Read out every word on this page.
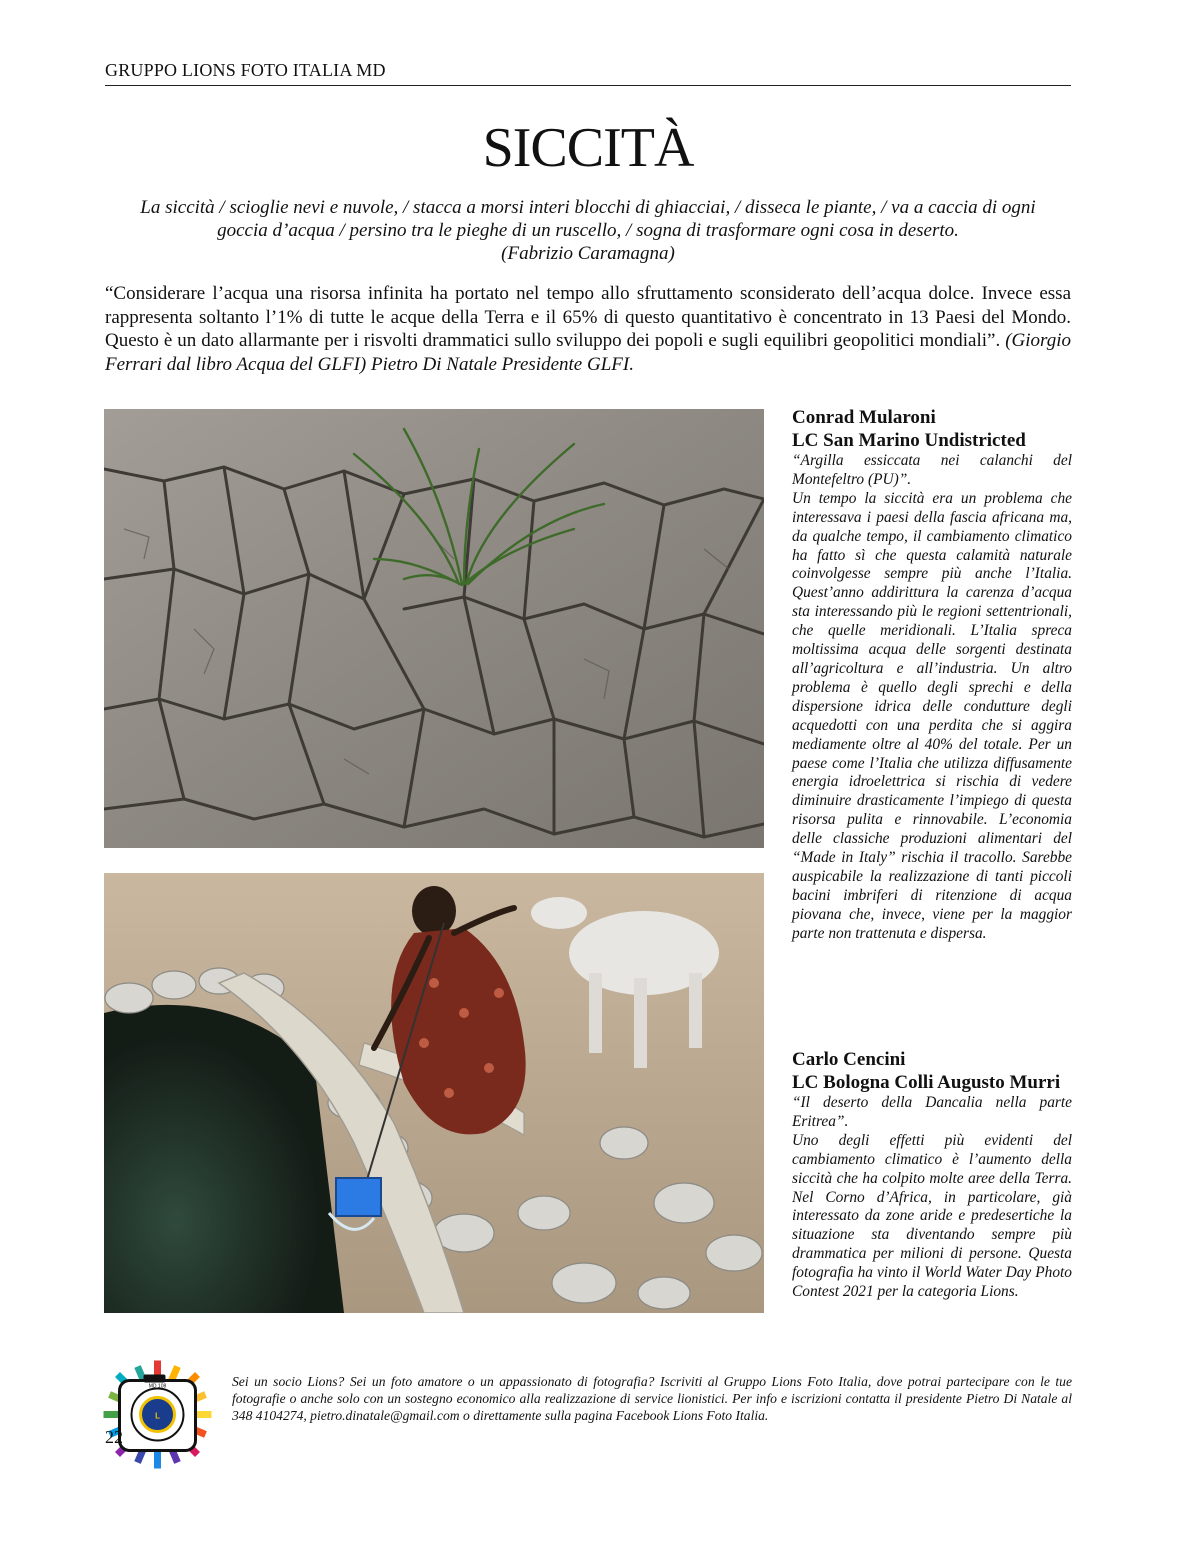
GRUPPO LIONS FOTO ITALIA MD
SICCITÀ
La siccità / scioglie nevi e nuvole, / stacca a morsi interi blocchi di ghiacciai, / disseca le piante, / va a caccia di ogni
goccia d’acqua / persino tra le pieghe di un ruscello, / sogna di trasformare ogni cosa in deserto.
(Fabrizio Caramagna)
“Considerare l’acqua una risorsa infinita ha portato nel tempo allo sfruttamento sconsiderato dell’acqua dolce. Invece essa rappresenta soltanto l’1% di tutte le acque della Terra e il 65% di questo quantitativo è concentrato in 13 Paesi del Mondo. Questo è un dato allarmante per i risvolti drammatici sullo sviluppo dei popoli e sugli equilibri geopolitici mondiali”. (Giorgio Ferrari dal libro Acqua del GLFI) Pietro Di Natale Presidente GLFI.
Conrad Mularoni
LC San Marino Undistricted
“Argilla essiccata nei calanchi del Montefeltro (PU)”.
Un tempo la siccità era un problema che interessava i paesi della fascia africana ma, da qualche tempo, il cambiamento climatico ha fatto sì che questa calamità naturale coinvolgesse sempre più anche l’Italia. Quest’anno addirittura la carenza d’acqua sta interessando più le regioni settentrionali, che quelle meridionali. L’Italia spreca moltissima acqua delle sorgenti destinata all’agricoltura e all’industria. Un altro problema è quello degli sprechi e della dispersione idrica delle condutture degli acquedotti con una perdita che si aggira mediamente oltre al 40% del totale. Per un paese come l’Italia che utilizza diffusamente energia idroelettrica si rischia di vedere diminuire drasticamente l’impiego di questa risorsa pulita e rinnovabile. L’economia delle classiche produzioni alimentari del “Made in Italy” rischia il tracollo. Sarebbe auspicabile la realizzazione di tanti piccoli bacini imbriferi di ritenzione di acqua piovana che, invece, viene per la maggior parte non trattenuta e dispersa.
Carlo Cencini
LC Bologna Colli Augusto Murri
“Il deserto della Dancalia nella parte Eritrea”.
Uno degli effetti più evidenti del cambiamento climatico è l’aumento della siccità che ha colpito molte aree della Terra. Nel Corno d’Africa, in particolare, già interessato da zone aride e predesertiche la situazione sta diventando sempre più drammatica per milioni di persone. Questa fotografia ha vinto il World Water Day Photo Contest 2021 per la categoria Lions.
L
MD 108	Sei un socio Lions? Sei un foto amatore o un appassionato di fotografia? Iscriviti al Gruppo Lions Foto Italia, dove potrai partecipare con le tue fotografie o anche solo con un sostegno economico alla realizzazione di service lionistici. Per info e iscrizioni contatta il presidente Pietro Di Natale al 348 4104274, pietro.dinatale@gmail.com o direttamente sulla pagina Facebook Lions Foto Italia.
22
